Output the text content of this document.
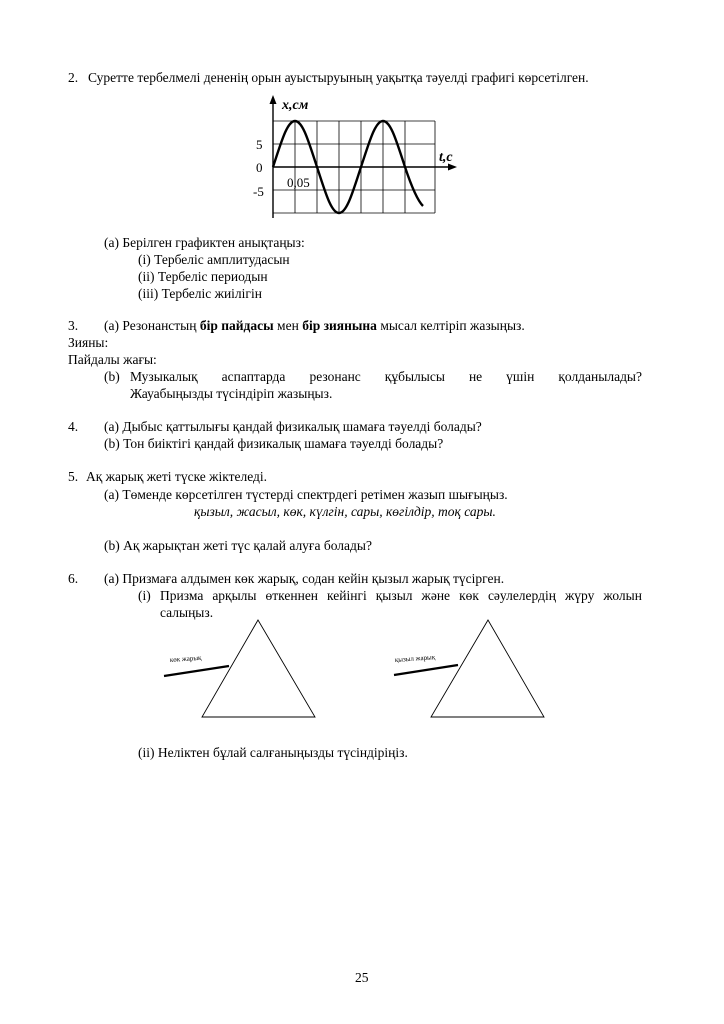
2. Суретте тербелмелі дененің орын ауыстыруының уақытқа тәуелді графигі көрсетілген.
x,см
t,c
5
0
-5
0,05
(a) Берілген графиктен анықтаңыз:
(i) Тербеліс амплитудасын
(ii) Тербеліс периодын
(iii) Тербеліс жиілігін
3. (a) Резонанстың бір пайдасы мен бір зиянына мысал келтіріп жазыңыз.
Зияны:
Пайдалы жағы:
(b) Музыкалық аспаптарда резонанс құбылысы не үшін қолданылады?
Жауабыңызды түсіндіріп жазыңыз.
4. (a) Дыбыс қаттылығы қандай физикалық шамаға тәуелді болады?
(b) Тон биіктігі қандай физикалық шамаға тәуелді болады?
5. Ақ жарық жеті түске жіктеледі.
(a) Төменде көрсетілген түстерді спектрдегі ретімен жазып шығыңыз.
қызыл, жасыл, көк, күлгін, сары, көгілдір, тоқ сары.
(b) Ақ жарықтан жеті түс қалай алуға болады?
6. (a) Призмаға алдымен көк жарық, содан кейін қызыл жарық түсірген.
(i) Призма арқылы өткеннен кейінгі қызыл және көк сәулелердің жүру жолын
салыңыз.
көк жарық	қызыл жарық
(ii) Неліктен бұлай салғаныңызды түсіндіріңіз.
25
